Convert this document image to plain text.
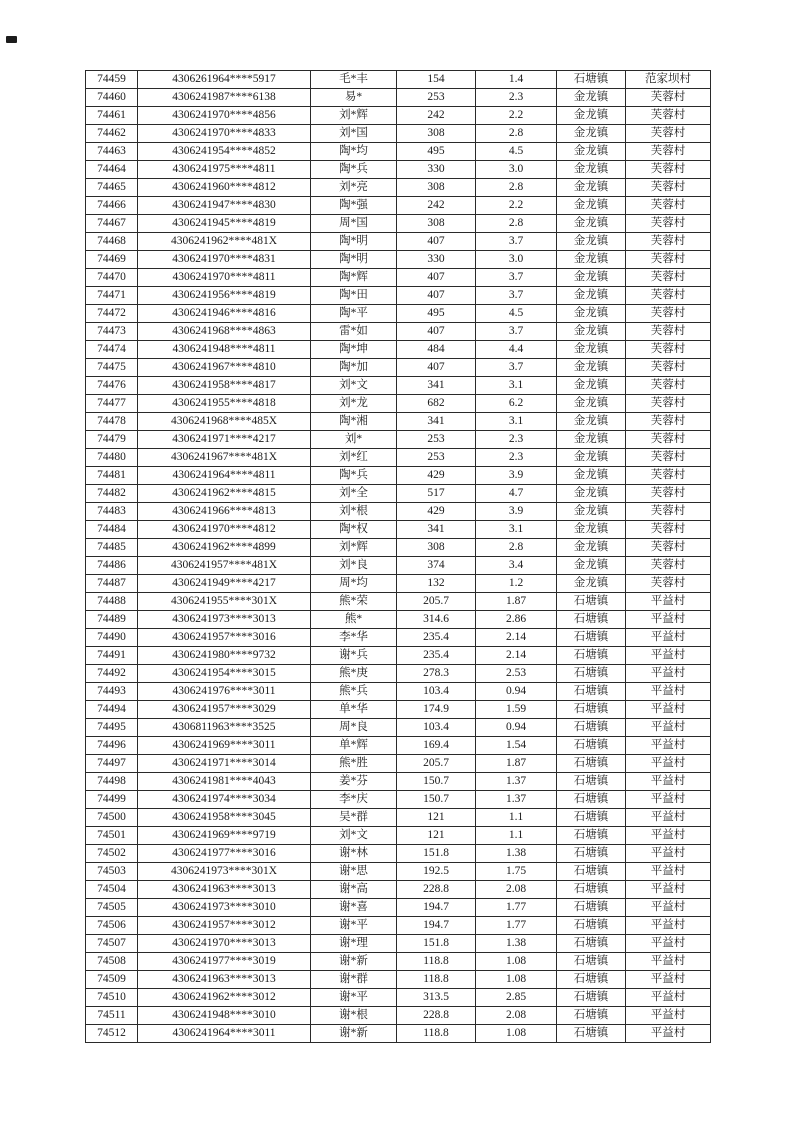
74459	4306261964****5917	毛*丰	154	1.4	石塘镇	范家坝村
74460	4306241987****6138	易*	253	2.3	金龙镇	芙蓉村
74461	4306241970****4856	刘*辉	242	2.2	金龙镇	芙蓉村
74462	4306241970****4833	刘*国	308	2.8	金龙镇	芙蓉村
74463	4306241954****4852	陶*均	495	4.5	金龙镇	芙蓉村
74464	4306241975****4811	陶*兵	330	3.0	金龙镇	芙蓉村
74465	4306241960****4812	刘*亮	308	2.8	金龙镇	芙蓉村
74466	4306241947****4830	陶*强	242	2.2	金龙镇	芙蓉村
74467	4306241945****4819	周*国	308	2.8	金龙镇	芙蓉村
74468	4306241962****481X	陶*明	407	3.7	金龙镇	芙蓉村
74469	4306241970****4831	陶*明	330	3.0	金龙镇	芙蓉村
74470	4306241970****4811	陶*辉	407	3.7	金龙镇	芙蓉村
74471	4306241956****4819	陶*田	407	3.7	金龙镇	芙蓉村
74472	4306241946****4816	陶*平	495	4.5	金龙镇	芙蓉村
74473	4306241968****4863	雷*如	407	3.7	金龙镇	芙蓉村
74474	4306241948****4811	陶*坤	484	4.4	金龙镇	芙蓉村
74475	4306241967****4810	陶*加	407	3.7	金龙镇	芙蓉村
74476	4306241958****4817	刘*文	341	3.1	金龙镇	芙蓉村
74477	4306241955****4818	刘*龙	682	6.2	金龙镇	芙蓉村
74478	4306241968****485X	陶*湘	341	3.1	金龙镇	芙蓉村
74479	4306241971****4217	刘*	253	2.3	金龙镇	芙蓉村
74480	4306241967****481X	刘*红	253	2.3	金龙镇	芙蓉村
74481	4306241964****4811	陶*兵	429	3.9	金龙镇	芙蓉村
74482	4306241962****4815	刘*全	517	4.7	金龙镇	芙蓉村
74483	4306241966****4813	刘*根	429	3.9	金龙镇	芙蓉村
74484	4306241970****4812	陶*权	341	3.1	金龙镇	芙蓉村
74485	4306241962****4899	刘*辉	308	2.8	金龙镇	芙蓉村
74486	4306241957****481X	刘*良	374	3.4	金龙镇	芙蓉村
74487	4306241949****4217	周*均	132	1.2	金龙镇	芙蓉村
74488	4306241955****301X	熊*荣	205.7	1.87	石塘镇	平益村
74489	4306241973****3013	熊*	314.6	2.86	石塘镇	平益村
74490	4306241957****3016	李*华	235.4	2.14	石塘镇	平益村
74491	4306241980****9732	谢*兵	235.4	2.14	石塘镇	平益村
74492	4306241954****3015	熊*庚	278.3	2.53	石塘镇	平益村
74493	4306241976****3011	熊*兵	103.4	0.94	石塘镇	平益村
74494	4306241957****3029	单*华	174.9	1.59	石塘镇	平益村
74495	4306811963****3525	周*良	103.4	0.94	石塘镇	平益村
74496	4306241969****3011	单*辉	169.4	1.54	石塘镇	平益村
74497	4306241971****3014	熊*胜	205.7	1.87	石塘镇	平益村
74498	4306241981****4043	姜*芬	150.7	1.37	石塘镇	平益村
74499	4306241974****3034	李*庆	150.7	1.37	石塘镇	平益村
74500	4306241958****3045	吴*群	121	1.1	石塘镇	平益村
74501	4306241969****9719	刘*文	121	1.1	石塘镇	平益村
74502	4306241977****3016	谢*林	151.8	1.38	石塘镇	平益村
74503	4306241973****301X	谢*思	192.5	1.75	石塘镇	平益村
74504	4306241963****3013	谢*高	228.8	2.08	石塘镇	平益村
74505	4306241973****3010	谢*喜	194.7	1.77	石塘镇	平益村
74506	4306241957****3012	谢*平	194.7	1.77	石塘镇	平益村
74507	4306241970****3013	谢*理	151.8	1.38	石塘镇	平益村
74508	4306241977****3019	谢*新	118.8	1.08	石塘镇	平益村
74509	4306241963****3013	谢*群	118.8	1.08	石塘镇	平益村
74510	4306241962****3012	谢*平	313.5	2.85	石塘镇	平益村
74511	4306241948****3010	谢*根	228.8	2.08	石塘镇	平益村
74512	4306241964****3011	谢*新	118.8	1.08	石塘镇	平益村
